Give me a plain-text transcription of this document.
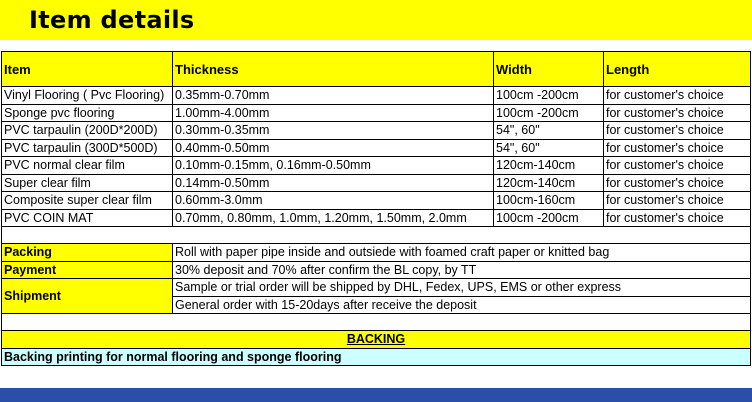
Item details
Item	Thickness	Width	Length
Vinyl Flooring ( Pvc Flooring)	0.35mm-0.70mm	100cm -200cm	for customer's choice
Sponge pvc flooring	1.00mm-4.00mm	100cm -200cm	for customer's choice
PVC tarpaulin (200D*200D)	0.30mm-0.35mm	54", 60"	for customer's choice
PVC tarpaulin (300D*500D)	0.40mm-0.50mm	54", 60"	for customer's choice
PVC normal clear film	0.10mm-0.15mm, 0.16mm-0.50mm	120cm-140cm	for customer's choice
Super clear film	0.14mm-0.50mm	120cm-140cm	for customer's choice
Composite super clear film	0.60mm-3.0mm	100cm-160cm	for customer's choice
PVC COIN MAT	0.70mm, 0.80mm, 1.0mm, 1.20mm, 1.50mm, 2.0mm	100cm -200cm	for customer's choice

Packing	Roll with paper pipe inside and outsiede with foamed craft paper or knitted bag		
Payment	30% deposit and 70% after confirm the BL copy, by TT		
Shipment	Sample or trial order will be shipped by DHL, Fedex, UPS, EMS or other express		
	General order with 15-20days after receive the deposit		

BACKING			
Backing printing for normal flooring and sponge flooring			
